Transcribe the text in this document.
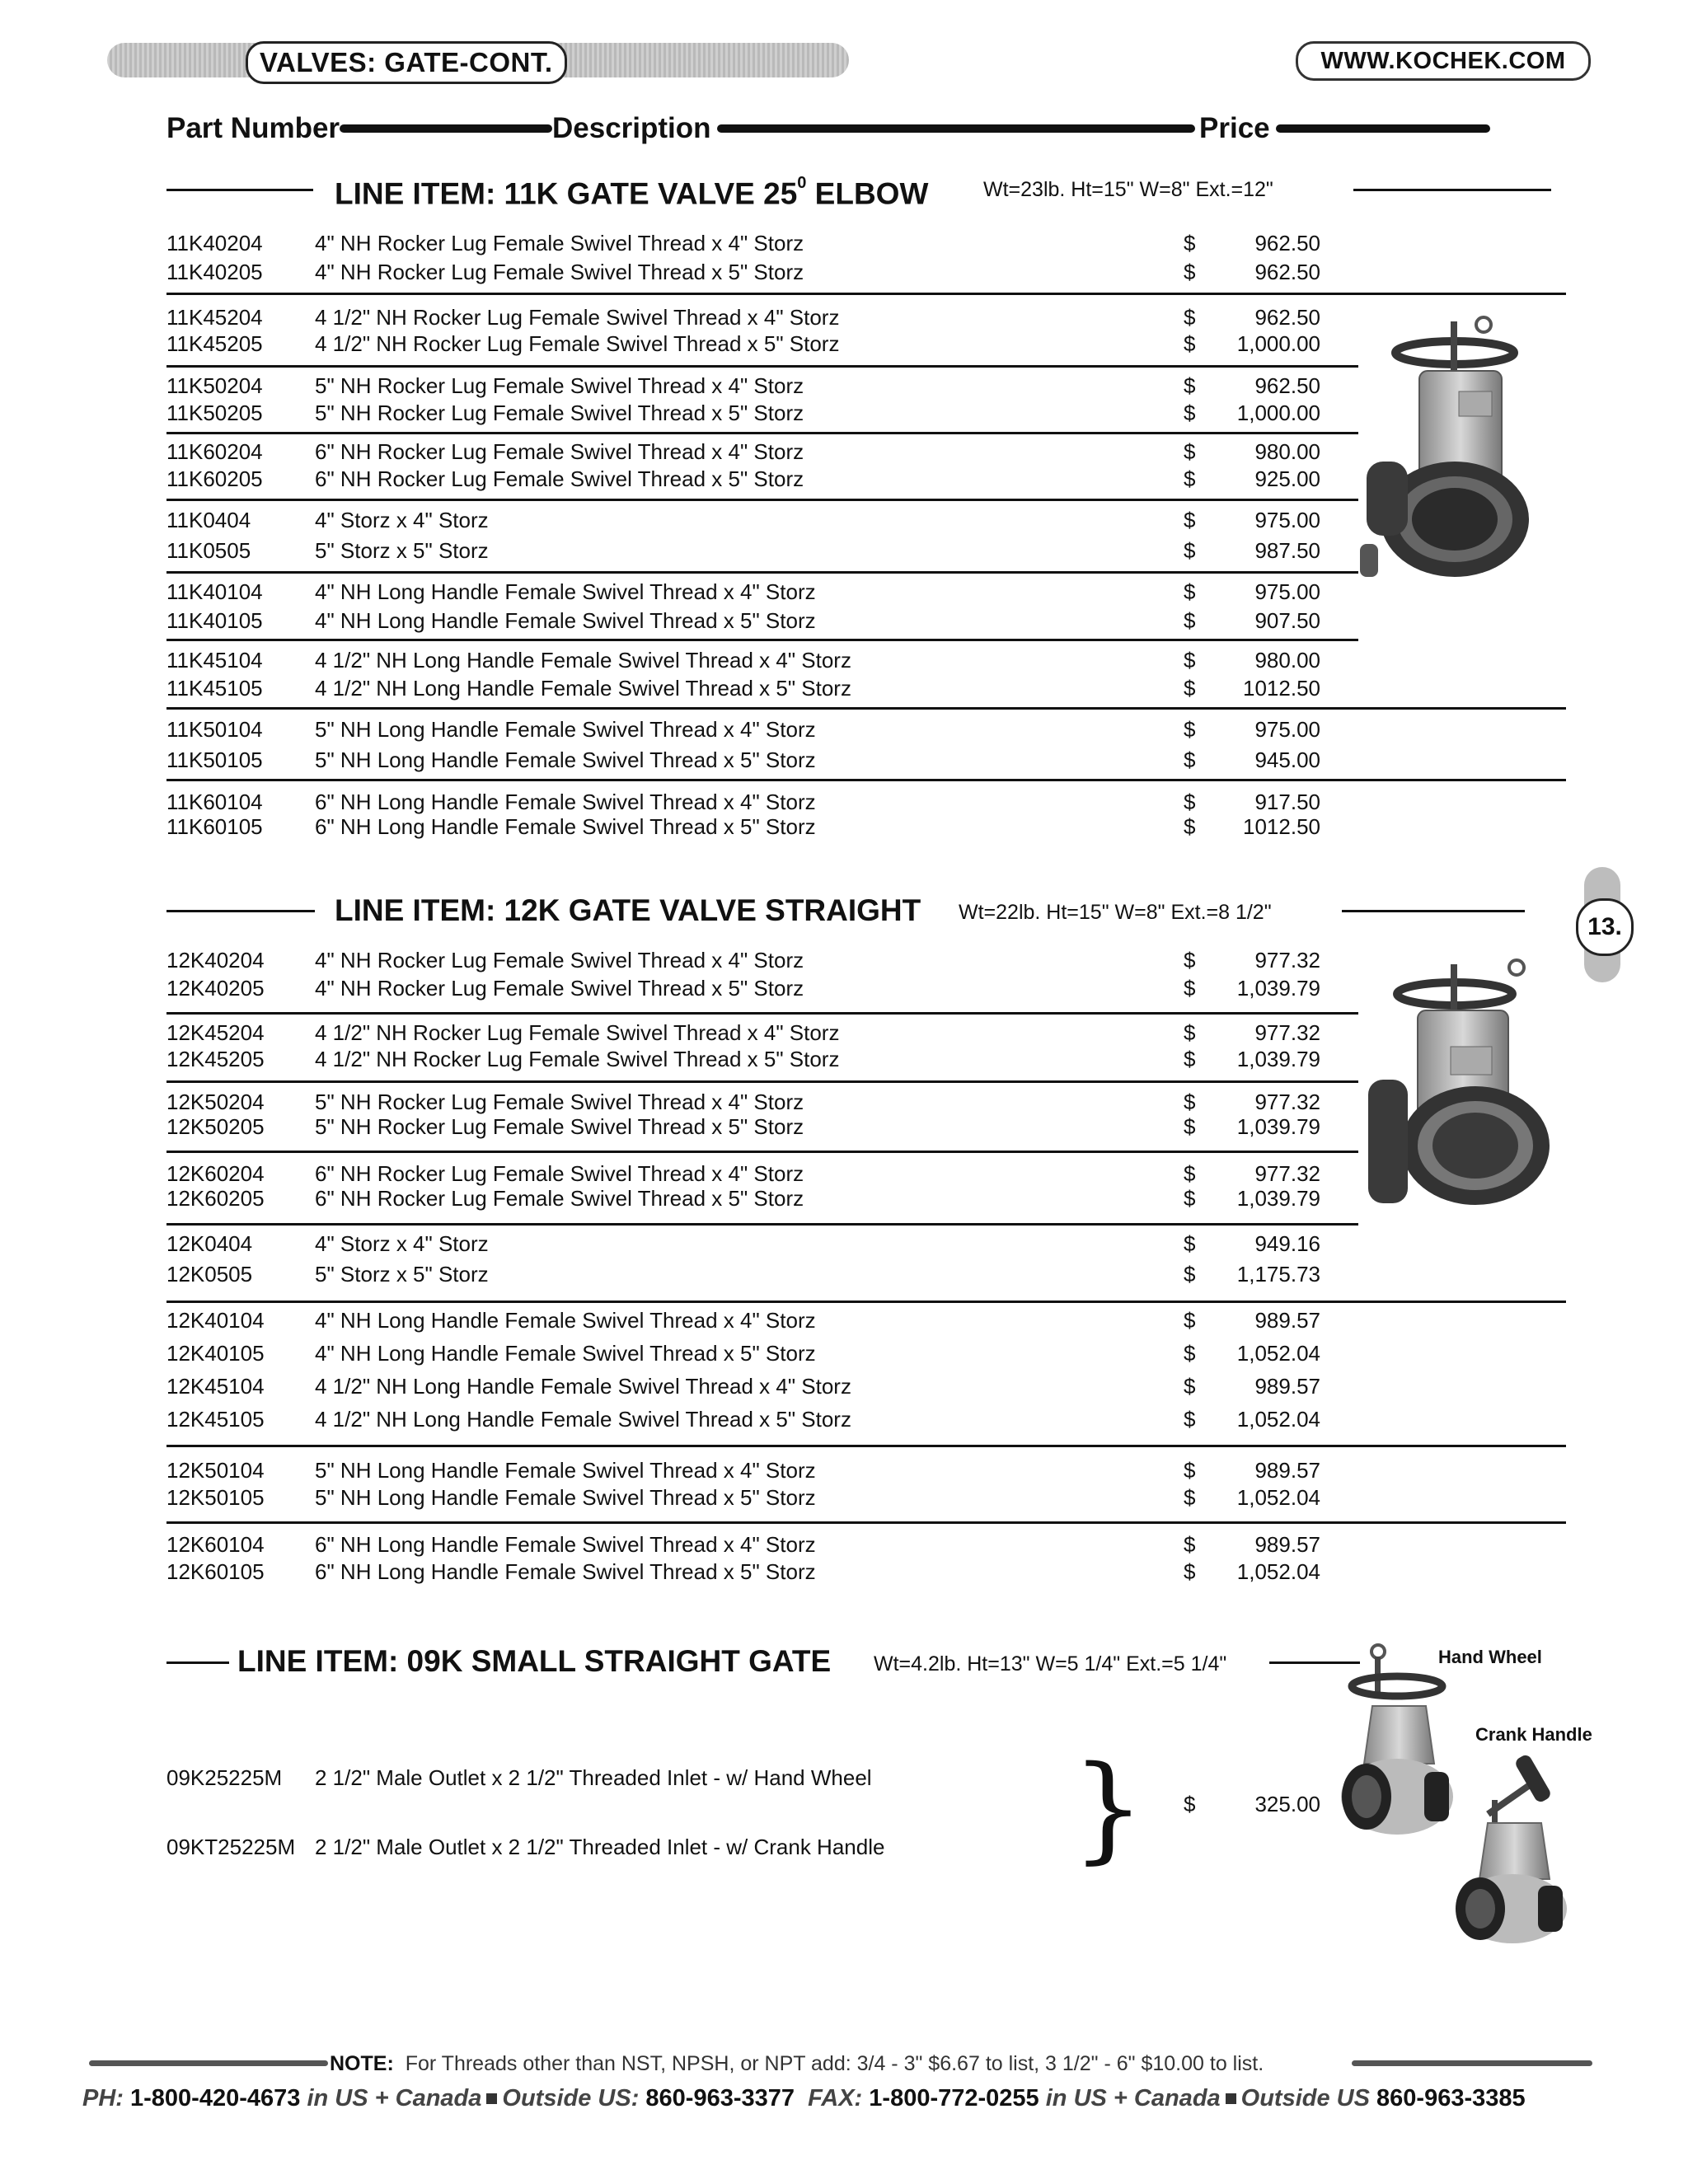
VALVES: GATE-CONT.	WWW.KOCHEK.COM
Part Number	Description	Price
LINE ITEM: 11K GATE VALVE $25^0$ ELBOW	Wt=23lb. Ht=15" W=8" Ext.=12"
11K40204 4" NH Rocker Lug Female Swivel Thread x 4" Storz	$	962.50
11K40205 4" NH Rocker Lug Female Swivel Thread x 5" Storz	$	962.50
11K45204 4 1/2" NH Rocker Lug Female Swivel Thread x 4" Storz	$	962.50
11K45205 4 1/2" NH Rocker Lug Female Swivel Thread x 5" Storz	$	1,000.00
11K50204 5" NH Rocker Lug Female Swivel Thread x 4" Storz	$	962.50
11K50205 5" NH Rocker Lug Female Swivel Thread x 5" Storz	$	1,000.00
11K60204 6" NH Rocker Lug Female Swivel Thread x 4" Storz	$	980.00
11K60205 6" NH Rocker Lug Female Swivel Thread x 5" Storz	$	925.00
11K0404	4" Storz x 4" Storz	$	975.00
11K0505	5" Storz x 5" Storz	$	987.50
11K40104 4" NH Long Handle Female Swivel Thread x 4" Storz	$	975.00
11K40105 4" NH Long Handle Female Swivel Thread x 5" Storz	$	907.50
11K45104 4 1/2" NH Long Handle Female Swivel Thread x 4" Storz	$	980.00
11K45105 4 1/2" NH Long Handle Female Swivel Thread x 5" Storz	$	1012.50
11K50104 5" NH Long Handle Female Swivel Thread x 4" Storz	$	975.00
11K50105 5" NH Long Handle Female Swivel Thread x 5" Storz	$	945.00
11K60104 6" NH Long Handle Female Swivel Thread x 4" Storz	$	917.50
11K60105 6" NH Long Handle Female Swivel Thread x 5" Storz	$	1012.50
LINE ITEM: 12K GATE VALVE STRAIGHT Wt=22lb. Ht=15" W=8" Ext.=8 1/2"
12K40204 4" NH Rocker Lug Female Swivel Thread x 4" Storz	$	977.32
12K40205 4" NH Rocker Lug Female Swivel Thread x 5" Storz	$	1,039.79
12K45204 4 1/2" NH Rocker Lug Female Swivel Thread x 4" Storz	$	977.32
12K45205 4 1/2" NH Rocker Lug Female Swivel Thread x 5" Storz	$	1,039.79
12K50204 5" NH Rocker Lug Female Swivel Thread x 4" Storz	$	977.32
12K50205 5" NH Rocker Lug Female Swivel Thread x 5" Storz	$	1,039.79
12K60204 6" NH Rocker Lug Female Swivel Thread x 4" Storz	$	977.32
12K60205 6" NH Rocker Lug Female Swivel Thread x 5" Storz	$	1,039.79
12K0404	4" Storz x 4" Storz	$	949.16
12K0505	5" Storz x 5" Storz	$	1,175.73
12K40104 4" NH Long Handle Female Swivel Thread x 4" Storz	$	989.57
12K40105 4" NH Long Handle Female Swivel Thread x 5" Storz	$	1,052.04
12K45104 4 1/2" NH Long Handle Female Swivel Thread x 4" Storz	$	989.57
12K45105 4 1/2" NH Long Handle Female Swivel Thread x 5" Storz	$	1,052.04
12K50104 5" NH Long Handle Female Swivel Thread x 4" Storz	$	989.57
12K50105 5" NH Long Handle Female Swivel Thread x 5" Storz	$	1,052.04
12K60104 6" NH Long Handle Female Swivel Thread x 4" Storz	$	989.57
12K60105 6" NH Long Handle Female Swivel Thread x 5" Storz	$	1,052.04
LINE ITEM: 09K SMALL STRAIGHT GATE Wt=4.2lb. Ht=13" W=5 1/4" Ext.=5 1/4"
09K25225M 2 1/2" Male Outlet x 2 1/2" Threaded Inlet - w/ Hand Wheel
09KT25225M 2 1/2" Male Outlet x 2 1/2" Threaded Inlet - w/ Crank Handle } $	325.00
Hand Wheel
Crank Handle
13.
NOTE: For Threads other than NST, NPSH, or NPT add: 3/4 - 3" $6.67 to list, 3 1/2" - 6" $10.00 to list.
PH: 1-800-420-4673 in US + Canada Outside US: 860-963-3377 FAX: 1-800-772-0255 in US + Canada Outside US 860-963-3385
